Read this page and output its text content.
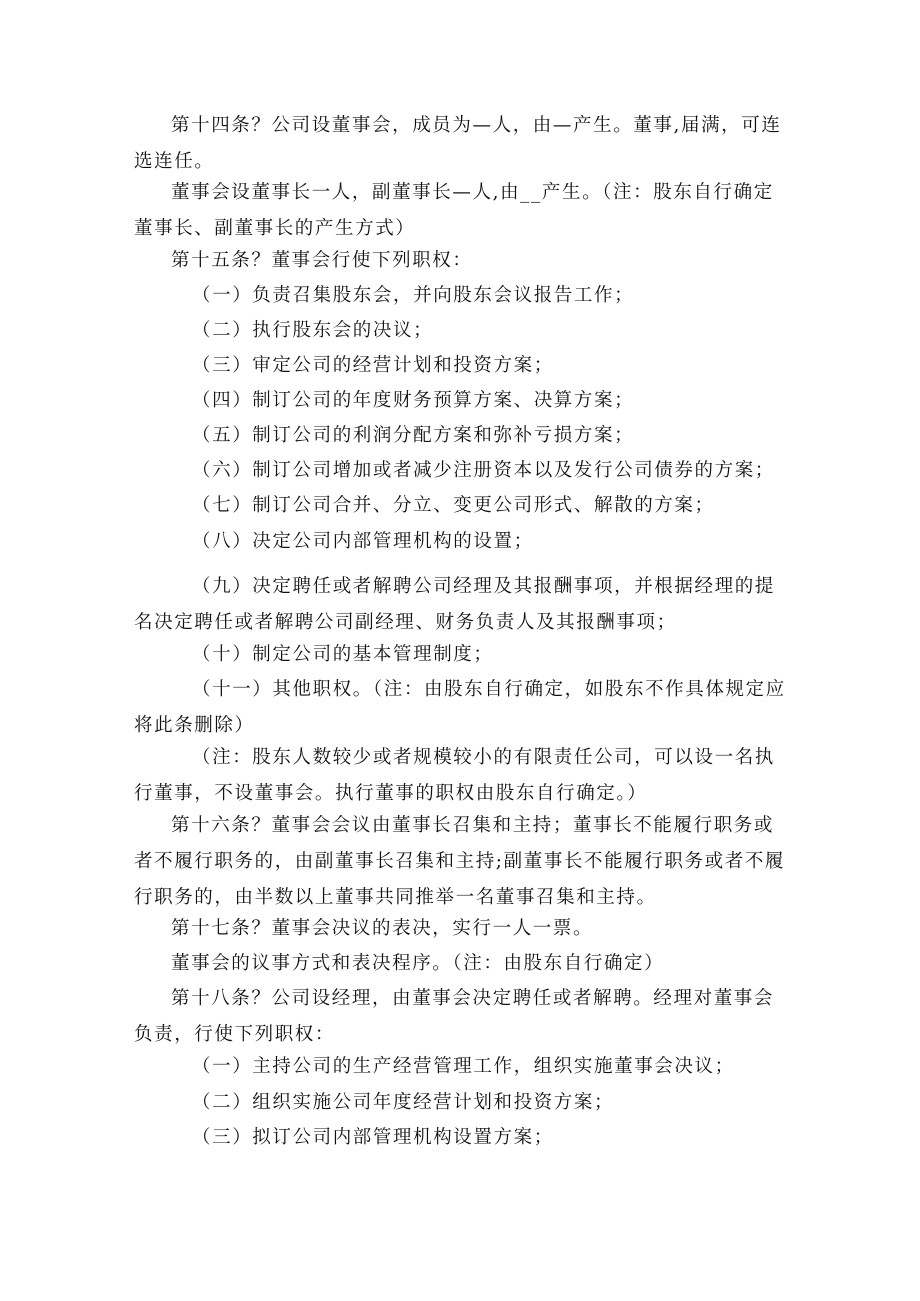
第十四条？公司设董事会，成员为—人，由—产生。董事,届满，可连选连任。

董事会设董事长一人，副董事长—人,由__产生。（注：股东自行确定董事长、副董事长的产生方式）

第十五条？董事会行使下列职权：

（一）负责召集股东会，并向股东会议报告工作；

（二）执行股东会的决议；

（三）审定公司的经营计划和投资方案；

（四）制订公司的年度财务预算方案、决算方案；

（五）制订公司的利润分配方案和弥补亏损方案；

（六）制订公司增加或者减少注册资本以及发行公司债券的方案；

（七）制订公司合并、分立、变更公司形式、解散的方案；

（八）决定公司内部管理机构的设置；

（九）决定聘任或者解聘公司经理及其报酬事项，并根据经理的提名决定聘任或者解聘公司副经理、财务负责人及其报酬事项；

（十）制定公司的基本管理制度；

（十一）其他职权。（注：由股东自行确定，如股东不作具体规定应将此条删除）

（注：股东人数较少或者规模较小的有限责任公司，可以设一名执行董事，不设董事会。执行董事的职权由股东自行确定。）

第十六条？董事会会议由董事长召集和主持；董事长不能履行职务或者不履行职务的，由副董事长召集和主持;副董事长不能履行职务或者不履行职务的，由半数以上董事共同推举一名董事召集和主持。

第十七条？董事会决议的表决，实行一人一票。

董事会的议事方式和表决程序。（注：由股东自行确定）

第十八条？公司设经理，由董事会决定聘任或者解聘。经理对董事会负责，行使下列职权：

（一）主持公司的生产经营管理工作，组织实施董事会决议；

（二）组织实施公司年度经营计划和投资方案；

（三）拟订公司内部管理机构设置方案；
